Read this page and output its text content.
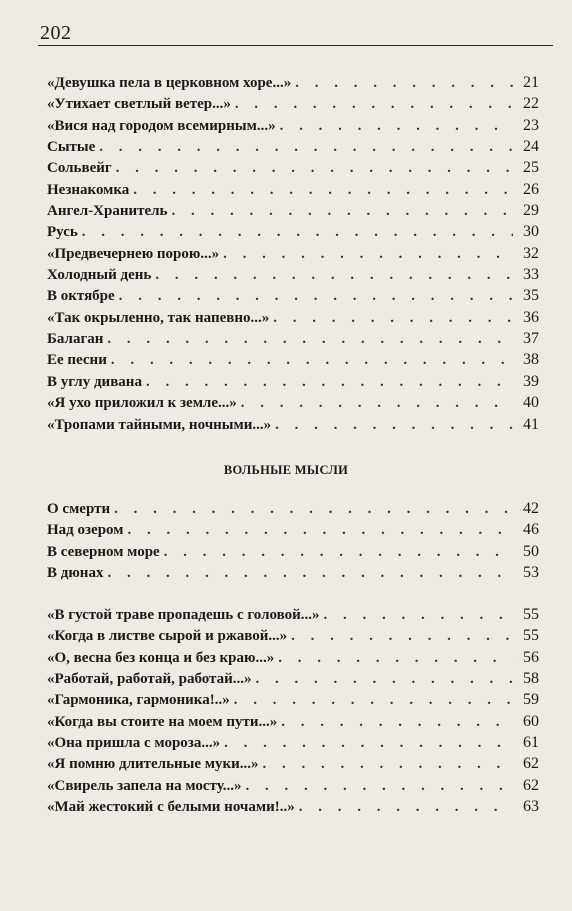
202
«Девушка пела в церковном хоре...» . . .	21
«Утихает светлый ветер...» . . .	22
«Вися над городом всемирным...» . . .	23
Сытые . . .	24
Сольвейг . . .	25
Незнакомка . . .	26
Ангел-Хранитель . . .	29
Русь . . .	30
«Предвечернею порою...» . . .	32
Холодный день . . .	33
В октябре . . .	35
«Так окрыленно, так напевно...» . . .	36
Балаган . . .	37
Ее песни . . .	38
В углу дивана . . .	39
«Я ухо приложил к земле...» . . .	40
«Тропами тайными, ночными...» . . .	41
ВОЛЬНЫЕ МЫСЛИ
О смерти . . .	42
Над озером . . .	46
В северном море . . .	50
В дюнах . . .	53
«В густой траве пропадешь с головой...» . . .	55
«Когда в листве сырой и ржавой...» . . .	55
«О, весна без конца и без краю...» . . .	56
«Работай, работай, работай...» . . .	58
«Гармоника, гармоника!..» . . .	59
«Когда вы стоите на моем пути...» . . .	60
«Она пришла с мороза...» . . .	61
«Я помню длительные муки...» . . .	62
«Свирель запела на мосту...» . . .	62
«Май жестокий с белыми ночами!..» . . .	63
